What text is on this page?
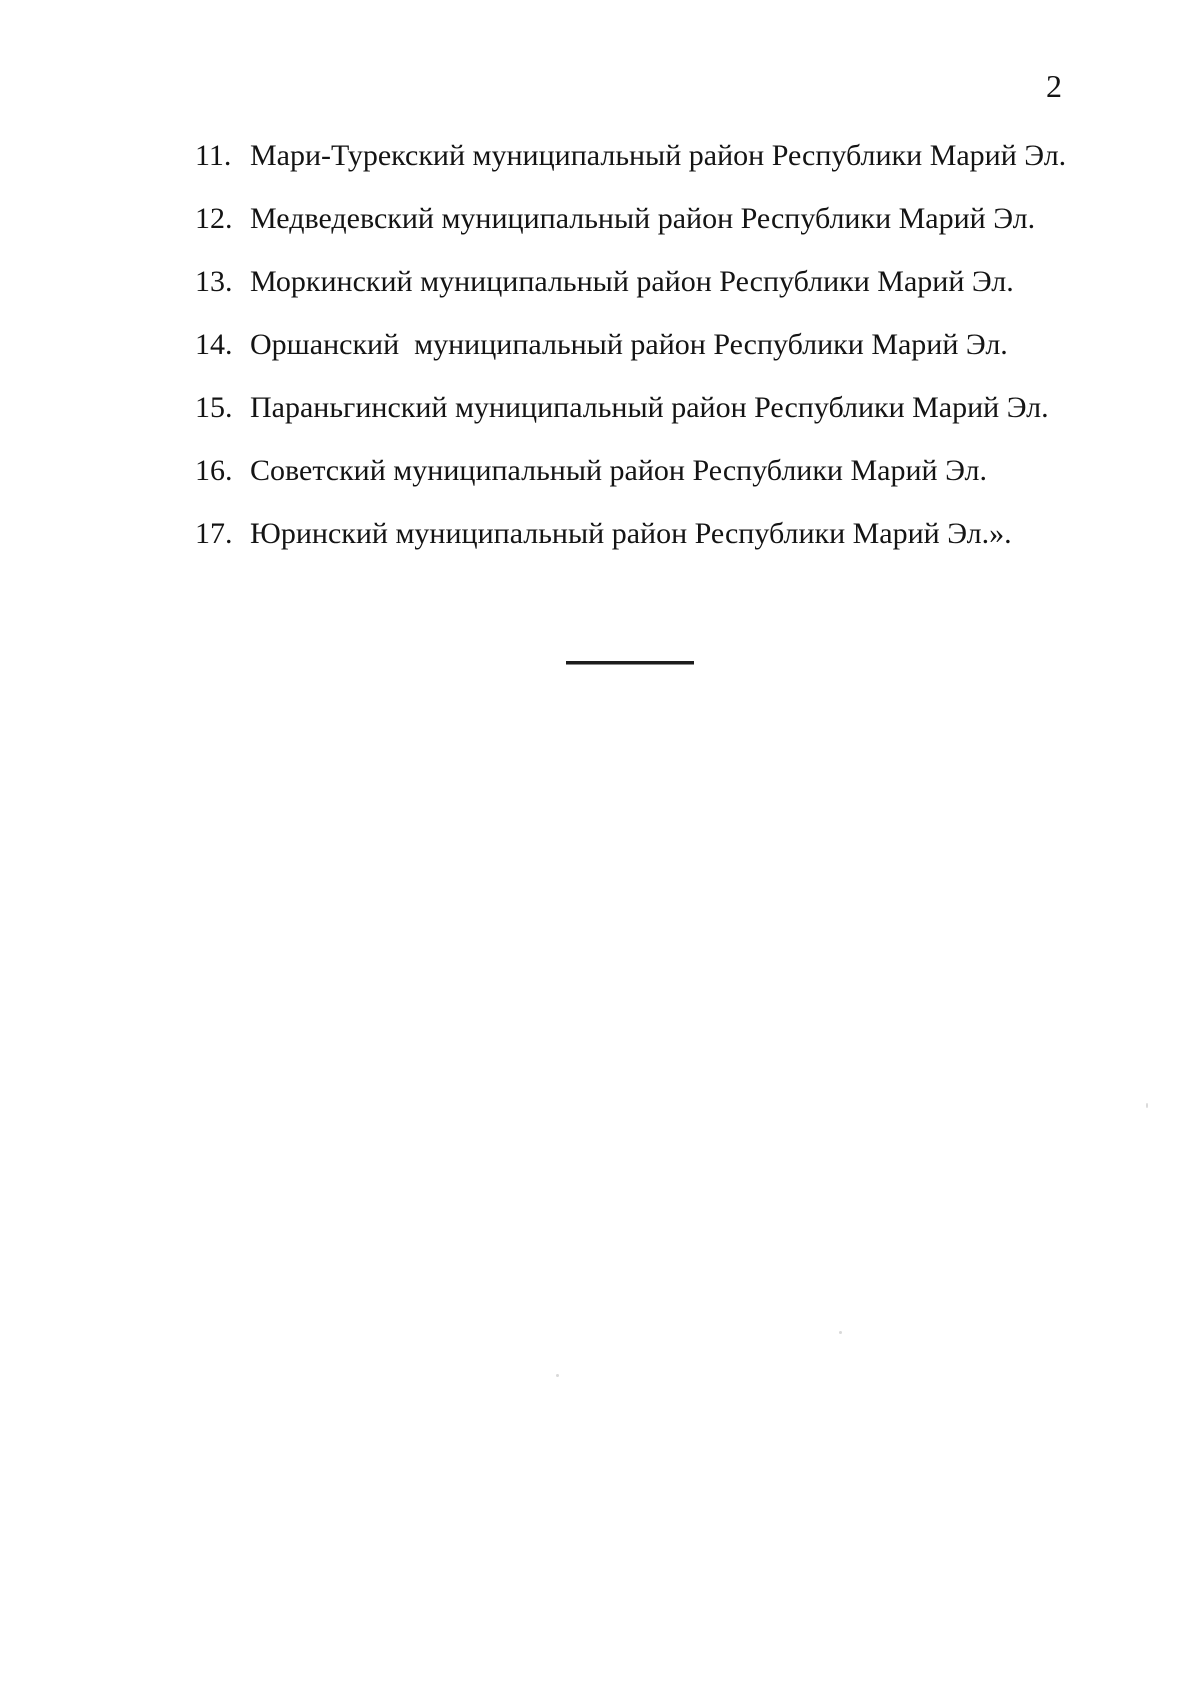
2
11. Мари-Турекский муниципальный район Республики Марий Эл.
12. Медведевский муниципальный район Республики Марий Эл.
13. Моркинский муниципальный район Республики Марий Эл.
14. Оршанский  муниципальный район Республики Марий Эл.
15. Параньгинский муниципальный район Республики Марий Эл.
16. Советский муниципальный район Республики Марий Эл.
17. Юринский муниципальный район Республики Марий Эл.».
